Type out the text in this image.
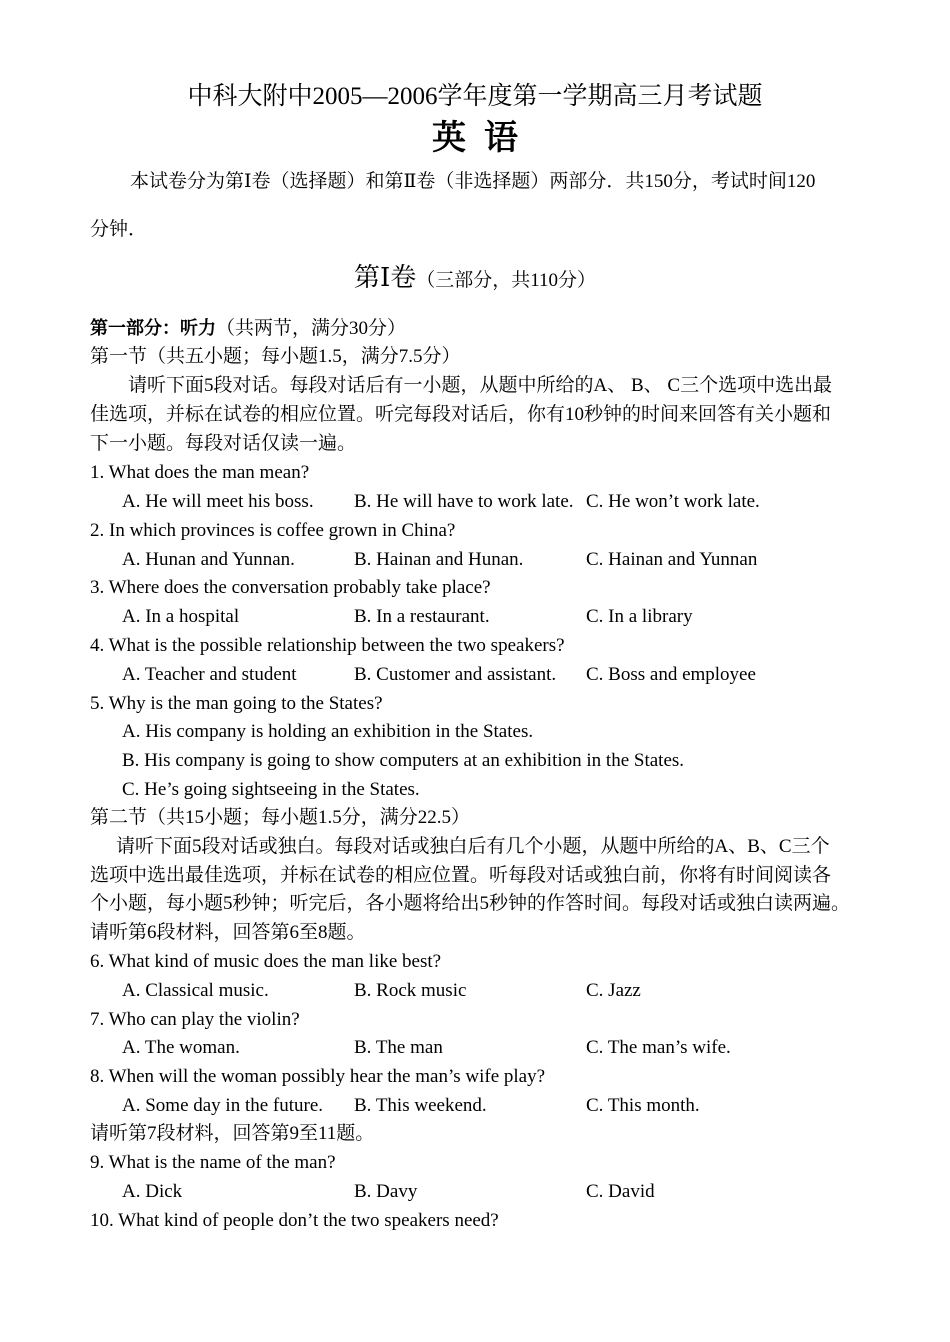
中科大附中2005—2006学年度第一学期高三月考试题
英语
本试卷分为第Ⅰ卷（选择题）和第Ⅱ卷（非选择题）两部分．共150分，考试时间120
分钟．
第Ⅰ卷（三部分，共110分）
第一部分：听力（共两节，满分30分）
第一节（共五小题；每小题1.5，满分7.5分）
请听下面5段对话。每段对话后有一小题，从题中所给的A、 B、 C三个选项中选出最
佳选项，并标在试卷的相应位置。听完每段对话后，你有10秒钟的时间来回答有关小题和
下一小题。每段对话仅读一遍。
1. What does the man mean?
A. He will meet his boss. B. He will have to work late. C. He won’t work late.
2. In which provinces is coffee grown in China?
A. Hunan and Yunnan.	B. Hainan and Hunan.	C. Hainan and Yunnan
3. Where does the conversation probably take place?
A. In a hospital	B. In a restaurant.	C. In a library
4. What is the possible relationship between the two speakers?
A. Teacher and student	B. Customer and assistant. C. Boss and employee
5. Why is the man going to the States?
A. His company is holding an exhibition in the States.
B. His company is going to show computers at an exhibition in the States.
C. He’s going sightseeing in the States.
第二节（共15小题；每小题1.5分，满分22.5）
请听下面5段对话或独白。每段对话或独白后有几个小题，从题中所给的A、B、C三个
选项中选出最佳选项，并标在试卷的相应位置。听每段对话或独白前，你将有时间阅读各
个小题，每小题5秒钟；听完后，各小题将给出5秒钟的作答时间。每段对话或独白读两遍。
请听第6段材料，回答第6至8题。
6. What kind of music does the man like best?
A. Classical music.	B. Rock music	C. Jazz
7. Who can play the violin?
A. The woman.	B. The man	C. The man’s wife.
8. When will the woman possibly hear the man’s wife play?
A. Some day in the future. B. This weekend.	C. This month.
请听第7段材料，回答第9至11题。
9. What is the name of the man?
A. Dick	B. Davy	C. David
10. What kind of people don’t the two speakers need?
